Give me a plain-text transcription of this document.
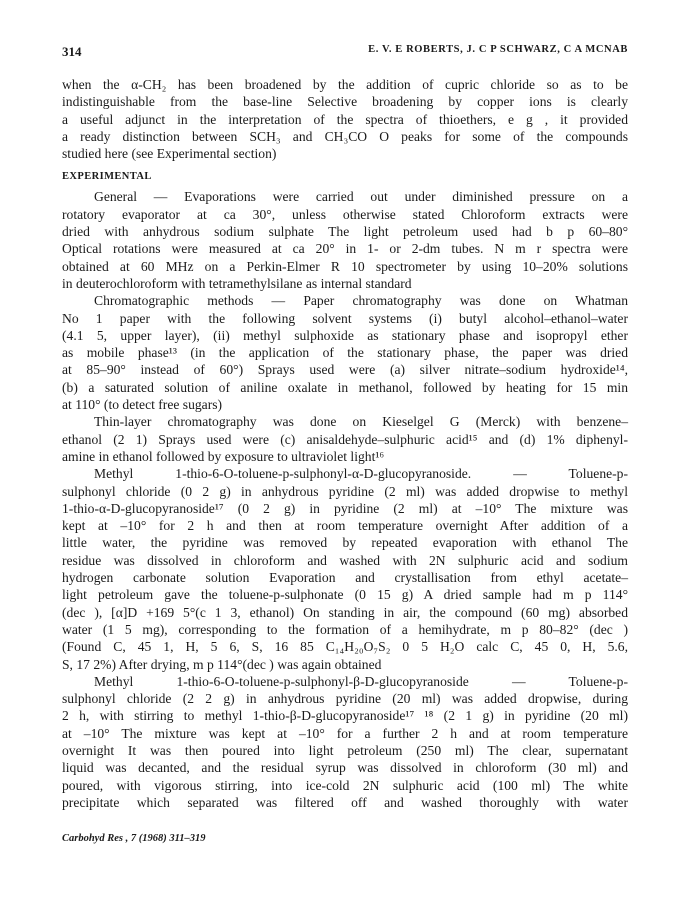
314	E. V. E ROBERTS, J. C P SCHWARZ, C A MCNAB
when the α-CH₂ has been broadened by the addition of cupric chloride so as to be
indistinguishable from the base-line Selective broadening by copper ions is clearly
a useful adjunct in the interpretation of the spectra of thioethers, e g , it provided
a ready distinction between SCH₃ and CH₃CO O peaks for some of the compounds
studied here (see Experimental section)
EXPERIMENTAL
General — Evaporations were carried out under diminished pressure on a
rotatory evaporator at ca 30°, unless otherwise stated Chloroform extracts were
dried with anhydrous sodium sulphate The light petroleum used had b p 60–80°
Optical rotations were measured at ca 20° in 1- or 2-dm tubes. N m r spectra were
obtained at 60 MHz on a Perkin-Elmer R 10 spectrometer by using 10–20% solutions
in deuterochloroform with tetramethylsilane as internal standard
Chromatographic methods — Paper chromatography was done on Whatman
No 1 paper with the following solvent systems (i) butyl alcohol–ethanol–water
(4.1 5, upper layer), (ii) methyl sulphoxide as stationary phase and isopropyl ether
as mobile phase¹³ (in the application of the stationary phase, the paper was dried
at 85–90° instead of 60°) Sprays used were (a) silver nitrate–sodium hydroxide¹⁴,
(b) a saturated solution of aniline oxalate in methanol, followed by heating for 15 min
at 110° (to detect free sugars)
Thin-layer chromatography was done on Kieselgel G (Merck) with benzene–
ethanol (2 1) Sprays used were (c) anisaldehyde–sulphuric acid¹⁵ and (d) 1% diphenyl-
amine in ethanol followed by exposure to ultraviolet light¹⁶
Methyl 1-thio-6-O-toluene-p-sulphonyl-α-D-glucopyranoside. — Toluene-p-
sulphonyl chloride (0 2 g) in anhydrous pyridine (2 ml) was added dropwise to methyl
1-thio-α-D-glucopyranoside¹⁷ (0 2 g) in pyridine (2 ml) at –10° The mixture was
kept at –10° for 2 h and then at room temperature overnight After addition of a
little water, the pyridine was removed by repeated evaporation with ethanol The
residue was dissolved in chloroform and washed with 2N sulphuric acid and sodium
hydrogen carbonate solution Evaporation and crystallisation from ethyl acetate–
light petroleum gave the toluene-p-sulphonate (0 15 g) A dried sample had m p 114°
(dec ), [α]D +169 5°(c 1 3, ethanol) On standing in air, the compound (60 mg) absorbed
water (1 5 mg), corresponding to the formation of a hemihydrate, m p 80–82° (dec )
(Found C, 45 1, H, 5 6, S, 16 85 C₁₄H₂₀O₇S₂ 0 5 H₂O calc C, 45 0, H, 5.6,
S, 17 2%) After drying, m p 114°(dec ) was again obtained
Methyl 1-thio-6-O-toluene-p-sulphonyl-β-D-glucopyranoside — Toluene-p-
sulphonyl chloride (2 2 g) in anhydrous pyridine (20 ml) was added dropwise, during
2 h, with stirring to methyl 1-thio-β-D-glucopyranoside¹⁷ ¹⁸ (2 1 g) in pyridine (20 ml)
at –10° The mixture was kept at –10° for a further 2 h and at room temperature
overnight It was then poured into light petroleum (250 ml) The clear, supernatant
liquid was decanted, and the residual syrup was dissolved in chloroform (30 ml) and
poured, with vigorous stirring, into ice-cold 2N sulphuric acid (100 ml) The white
precipitate which separated was filtered off and washed thoroughly with water
Carbohyd Res , 7 (1968) 311–319
